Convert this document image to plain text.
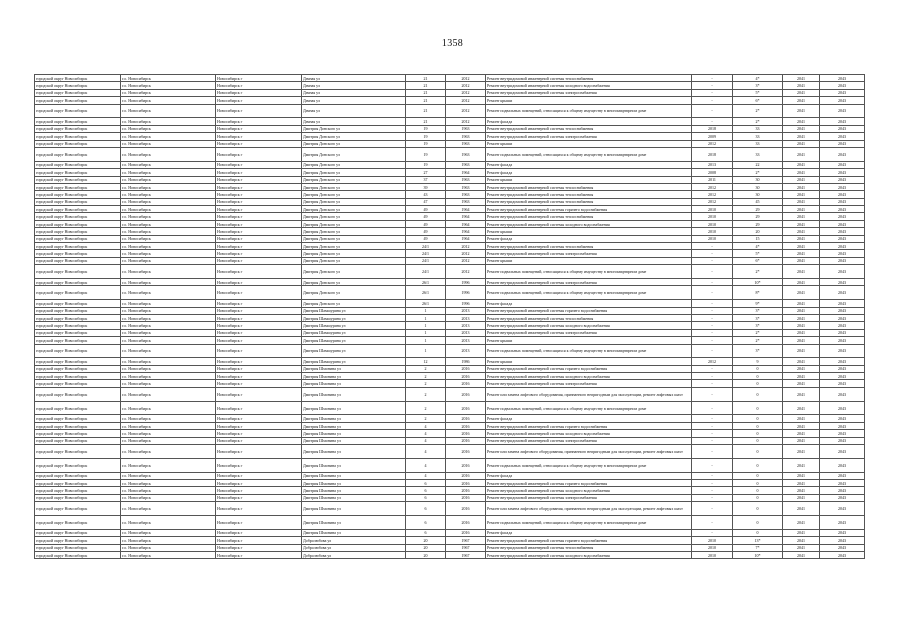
1358
городской округ Новосибирск	г.о. Новосибирск	Новосибирск г	Дачная ул	21	2012	Ремонт внутридомовой инженерной системы теплоснабжения	-	4*	2041	2043
городской округ Новосибирск	г.о. Новосибирск	Новосибирск г	Дачная ул	21	2012	Ремонт внутридомовой инженерной системы холодного водоснабжения	-	3*	2041	2043
городской округ Новосибирск	г.о. Новосибирск	Новосибирск г	Дачная ул	21	2012	Ремонт внутридомовой инженерной системы электроснабжения	-	5*	2041	2043
городской округ Новосибирск	г.о. Новосибирск	Новосибирск г	Дачная ул	21	2012	Ремонт крыши	-	6*	2041	2043
городской округ Новосибирск	г.о. Новосибирск	Новосибирск г	Дачная ул	21	2012	Ремонт подвальных помещений, относящихся к общему имуществу в многоквартирном доме	-	2*	2041	2043
городской округ Новосибирск	г.о. Новосибирск	Новосибирск г	Дачная ул	21	2012	Ремонт фасада	-	2*	2041	2043
городской округ Новосибирск	г.о. Новосибирск	Новосибирск г	Дмитрия Донского ул	19	1963	Ремонт внутридомовой инженерной системы теплоснабжения	2018	33	2041	2043
городской округ Новосибирск	г.о. Новосибирск	Новосибирск г	Дмитрия Донского ул	19	1963	Ремонт внутридомовой инженерной системы электроснабжения	2009	33	2041	2043
городской округ Новосибирск	г.о. Новосибирск	Новосибирск г	Дмитрия Донского ул	19	1963	Ремонт крыши	2012	33	2041	2043
городской округ Новосибирск	г.о. Новосибирск	Новосибирск г	Дмитрия Донского ул	19	1963	Ремонт подвальных помещений, относящихся к общему имуществу в многоквартирном доме	2018	33	2041	2043
городской округ Новосибирск	г.о. Новосибирск	Новосибирск г	Дмитрия Донского ул	19	1963	Ремонт фасада	2013	22	2041	2043
городской округ Новосибирск	г.о. Новосибирск	Новосибирск г	Дмитрия Донского ул	27	1964	Ремонт фасада	2008	2*	2041	2043
городской округ Новосибирск	г.о. Новосибирск	Новосибирск г	Дмитрия Донского ул	37	1963	Ремонт крыши	2011	30	2041	2043
городской округ Новосибирск	г.о. Новосибирск	Новосибирск г	Дмитрия Донского ул	39	1963	Ремонт внутридомовой инженерной системы теплоснабжения	2012	30	2041	2043
городской округ Новосибирск	г.о. Новосибирск	Новосибирск г	Дмитрия Донского ул	43	1963	Ремонт внутридомовой инженерной системы теплоснабжения	2012	30	2041	2043
городской округ Новосибирск	г.о. Новосибирск	Новосибирск г	Дмитрия Донского ул	47	1963	Ремонт внутридомовой инженерной системы теплоснабжения	2012	45	2041	2043
городской округ Новосибирск	г.о. Новосибирск	Новосибирск г	Дмитрия Донского ул	49	1964	Ремонт внутридомовой инженерной системы горячего водоснабжения	2010	29	2041	2043
городской округ Новосибирск	г.о. Новосибирск	Новосибирск г	Дмитрия Донского ул	49	1964	Ремонт внутридомовой инженерной системы теплоснабжения	2010	29	2041	2043
городской округ Новосибирск	г.о. Новосибирск	Новосибирск г	Дмитрия Донского ул	49	1964	Ремонт внутридомовой инженерной системы холодного водоснабжения	2010	29	2041	2043
городской округ Новосибирск	г.о. Новосибирск	Новосибирск г	Дмитрия Донского ул	49	1964	Ремонт крыши	2010	20	2041	2043
городской округ Новосибирск	г.о. Новосибирск	Новосибирск г	Дмитрия Донского ул	49	1964	Ремонт фасада	2010	15	2041	2043
городской округ Новосибирск	г.о. Новосибирск	Новосибирск г	Дмитрия Донского ул	24/1	2012	Ремонт внутридомовой инженерной системы теплоснабжения	-	4*	2041	2043
городской округ Новосибирск	г.о. Новосибирск	Новосибирск г	Дмитрия Донского ул	24/1	2012	Ремонт внутридомовой инженерной системы электроснабжения	-	5*	2041	2043
городской округ Новосибирск	г.о. Новосибирск	Новосибирск г	Дмитрия Донского ул	24/1	2012	Ремонт крыши	-	6*	2041	2043
городской округ Новосибирск	г.о. Новосибирск	Новосибирск г	Дмитрия Донского ул	24/1	2012	Ремонт подвальных помещений, относящихся к общему имуществу в многоквартирном доме	-	2*	2041	2043
городской округ Новосибирск	г.о. Новосибирск	Новосибирск г	Дмитрия Донского ул	26/1	1996	Ремонт внутридомовой инженерной системы электроснабжения	-	10*	2041	2043
городской округ Новосибирск	г.о. Новосибирск	Новосибирск г	Дмитрия Донского ул	26/1	1996	Ремонт подвальных помещений, относящихся к общему имуществу в многоквартирном доме	-	8*	2041	2043
городской округ Новосибирск	г.о. Новосибирск	Новосибирск г	Дмитрия Донского ул	26/1	1996	Ремонт фасада	-	9*	2041	2043
городской округ Новосибирск	г.о. Новосибирск	Новосибирск г	Дмитрия Шамшурина ул	1	2013	Ремонт внутридомовой инженерной системы горячего водоснабжения	-	3*	2041	2043
городской округ Новосибирск	г.о. Новосибирск	Новосибирск г	Дмитрия Шамшурина ул	1	2013	Ремонт внутридомовой инженерной системы теплоснабжения	-	3*	2041	2043
городской округ Новосибирск	г.о. Новосибирск	Новосибирск г	Дмитрия Шамшурина ул	1	2013	Ремонт внутридомовой инженерной системы холодного водоснабжения	-	3*	2041	2043
городской округ Новосибирск	г.о. Новосибирск	Новосибирск г	Дмитрия Шамшурина ул	1	2013	Ремонт внутридомовой инженерной системы электроснабжения	-	2*	2041	2043
городской округ Новосибирск	г.о. Новосибирск	Новосибирск г	Дмитрия Шамшурина ул	1	2013	Ремонт крыши	-	2*	2041	2043
городской округ Новосибирск	г.о. Новосибирск	Новосибирск г	Дмитрия Шамшурина ул	1	2013	Ремонт подвальных помещений, относящихся к общему имуществу в многоквартирном доме	-	3*	2041	2043
городской округ Новосибирск	г.о. Новосибирск	Новосибирск г	Дмитрия Шамшурина ул	12	1986	Ремонт крыши	2012	9	2041	2043
городской округ Новосибирск	г.о. Новосибирск	Новосибирск г	Дмитрия Шмонина ул	2	2016	Ремонт внутридомовой инженерной системы горячего водоснабжения	-	0	2041	2043
городской округ Новосибирск	г.о. Новосибирск	Новосибирск г	Дмитрия Шмонина ул	2	2016	Ремонт внутридомовой инженерной системы холодного водоснабжения	-	0	2041	2043
городской округ Новосибирск	г.о. Новосибирск	Новосибирск г	Дмитрия Шмонина ул	2	2016	Ремонт внутридомовой инженерной системы электроснабжения	-	0	2041	2043
городской округ Новосибирск	г.о. Новосибирск	Новосибирск г	Дмитрия Шмонина ул	2	2016	Ремонт или замена лифтового оборудования, признанного непригодным для эксплуатации, ремонт лифтовых шахт	-	0	2041	2043
городской округ Новосибирск	г.о. Новосибирск	Новосибирск г	Дмитрия Шмонина ул	2	2016	Ремонт подвальных помещений, относящихся к общему имуществу в многоквартирном доме	-	0	2041	2043
городской округ Новосибирск	г.о. Новосибирск	Новосибирск г	Дмитрия Шмонина ул	2	2016	Ремонт фасада	-	0	2041	2043
городской округ Новосибирск	г.о. Новосибирск	Новосибирск г	Дмитрия Шмонина ул	4	2016	Ремонт внутридомовой инженерной системы горячего водоснабжения	-	0	2041	2043
городской округ Новосибирск	г.о. Новосибирск	Новосибирск г	Дмитрия Шмонина ул	4	2016	Ремонт внутридомовой инженерной системы холодного водоснабжения	-	0	2041	2043
городской округ Новосибирск	г.о. Новосибирск	Новосибирск г	Дмитрия Шмонина ул	4	2016	Ремонт внутридомовой инженерной системы электроснабжения	-	0	2041	2043
городской округ Новосибирск	г.о. Новосибирск	Новосибирск г	Дмитрия Шмонина ул	4	2016	Ремонт или замена лифтового оборудования, признанного непригодным для эксплуатации, ремонт лифтовых шахт	-	0	2041	2043
городской округ Новосибирск	г.о. Новосибирск	Новосибирск г	Дмитрия Шмонина ул	4	2016	Ремонт подвальных помещений, относящихся к общему имуществу в многоквартирном доме	-	0	2041	2043
городской округ Новосибирск	г.о. Новосибирск	Новосибирск г	Дмитрия Шмонина ул	4	2016	Ремонт фасада	-	0	2041	2043
городской округ Новосибирск	г.о. Новосибирск	Новосибирск г	Дмитрия Шмонина ул	6	2016	Ремонт внутридомовой инженерной системы горячего водоснабжения	-	0	2041	2043
городской округ Новосибирск	г.о. Новосибирск	Новосибирск г	Дмитрия Шмонина ул	6	2016	Ремонт внутридомовой инженерной системы холодного водоснабжения	-	0	2041	2043
городской округ Новосибирск	г.о. Новосибирск	Новосибирск г	Дмитрия Шмонина ул	6	2016	Ремонт внутридомовой инженерной системы электроснабжения	-	0	2041	2043
городской округ Новосибирск	г.о. Новосибирск	Новосибирск г	Дмитрия Шмонина ул	6	2016	Ремонт или замена лифтового оборудования, признанного непригодным для эксплуатации, ремонт лифтовых шахт	-	0	2041	2043
городской округ Новосибирск	г.о. Новосибирск	Новосибирск г	Дмитрия Шмонина ул	6	2016	Ремонт подвальных помещений, относящихся к общему имуществу в многоквартирном доме	-	0	2041	2043
городской округ Новосибирск	г.о. Новосибирск	Новосибирск г	Дмитрия Шмонина ул	6	2016	Ремонт фасада	-	0	2041	2043
городской округ Новосибирск	г.о. Новосибирск	Новосибирск г	Добролюбова ул	20	1967	Ремонт внутридомовой инженерной системы горячего водоснабжения	2010	13*	2041	2043
городской округ Новосибирск	г.о. Новосибирск	Новосибирск г	Добролюбова ул	20	1967	Ремонт внутридомовой инженерной системы теплоснабжения	2010	7*	2041	2043
городской округ Новосибирск	г.о. Новосибирск	Новосибирск г	Добролюбова ул	20	1967	Ремонт внутридомовой инженерной системы холодного водоснабжения	2010	10*	2041	2043
